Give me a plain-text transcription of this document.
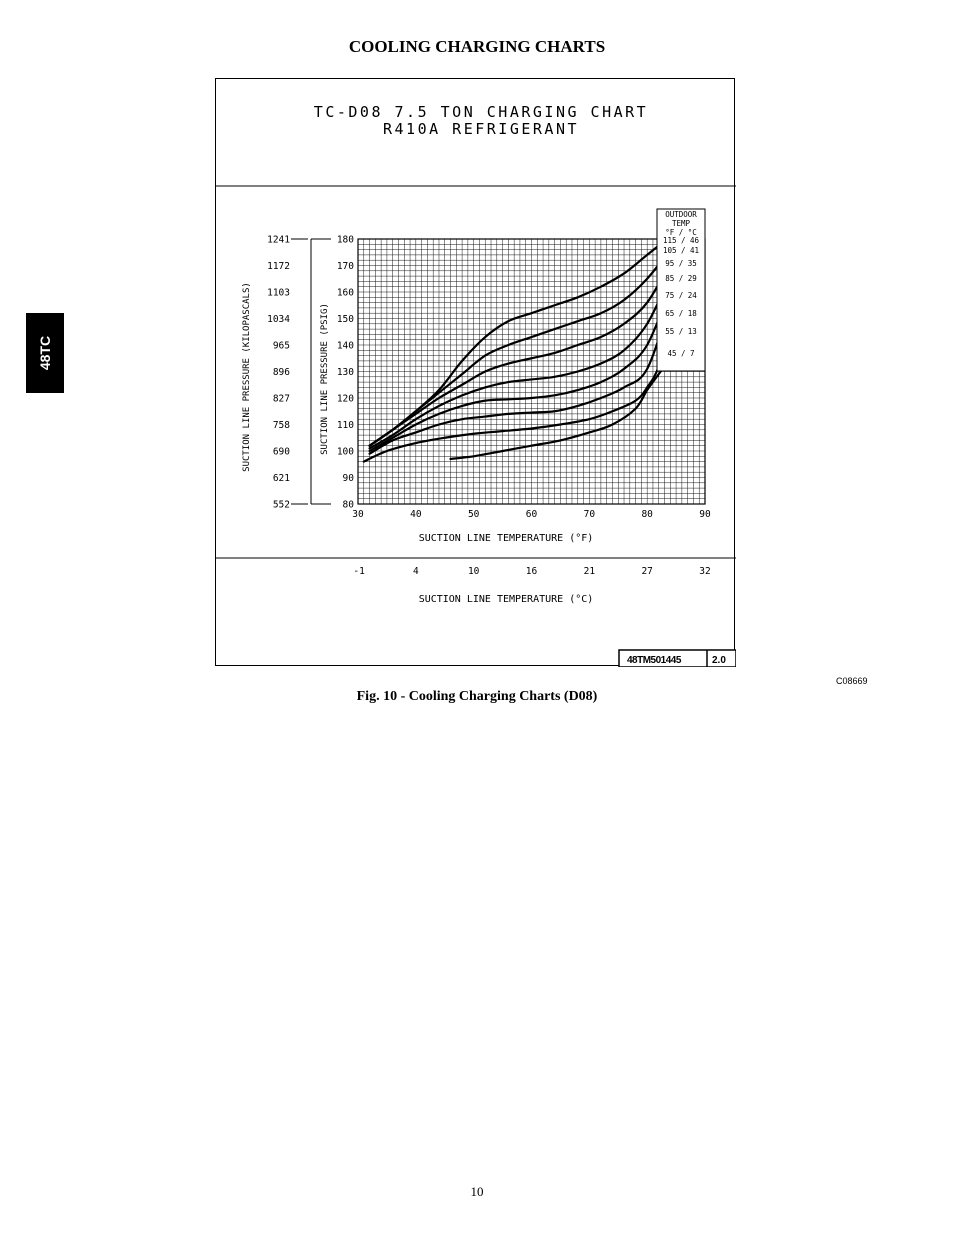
COOLING CHARGING CHARTS
48TC
TC-D08 7.5 TON CHARGING CHART
R410A REFRIGERANT
80
552
90
621
100
690
110
758
120
827
130
896
140
965
150
1034
160
1103
170
1172
180
1241
30	40	50	60	70	80	90
-1	4	10	16	21	27	32
SUCTION LINE PRESSURE (PSIG)
SUCTION LINE PRESSURE (KILOPASCALS)
SUCTION LINE TEMPERATURE (°F)
SUCTION LINE TEMPERATURE (°C)
OUTDOOR
TEMP
°F / °C
115 / 46
105 / 41
95 / 35
85 / 29
75 / 24
65 / 18
55 / 13
45 / 7
48TM501445	2.0
C08669
Fig. 10 - Cooling Charging Charts (D08)
10
